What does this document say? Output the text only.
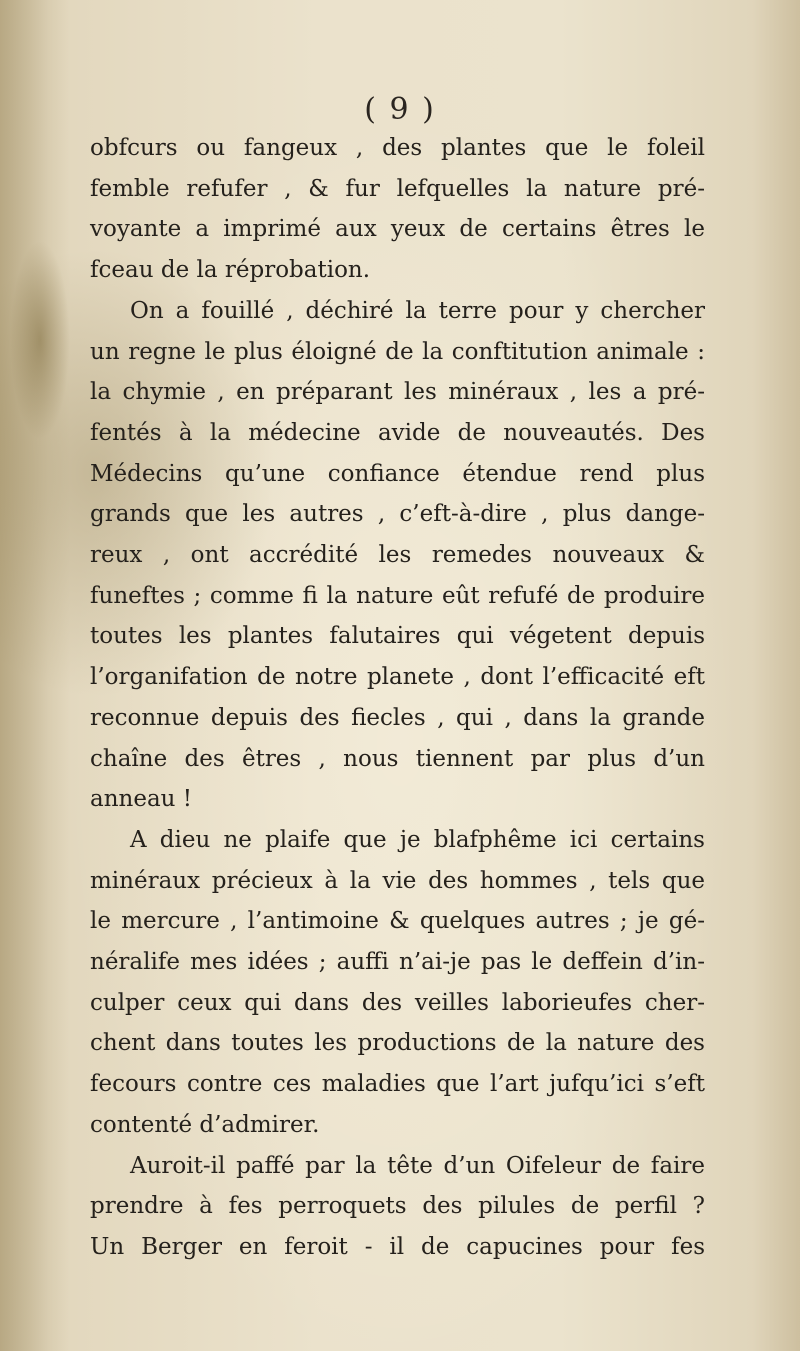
( 9 )
obfcurs ou fangeux , des plantes que le foleil
femble refufer , & fur lefquelles la nature pré-
voyante a imprimé aux yeux de certains êtres le
fceau de la réprobation.
On a fouillé , déchiré la terre pour y chercher
un regne le plus éloigné de la conftitution animale :
la chymie , en préparant les minéraux , les a pré-
fentés à la médecine avide de nouveautés. Des
Médecins qu’une confiance étendue rend plus
grands que les autres , c’eft-à-dire , plus dange-
reux , ont accrédité les remedes nouveaux &
funeftes ; comme fi la nature eût refufé de produire
toutes les plantes falutaires qui végetent depuis
l’organifation de notre planete , dont l’efficacité eft
reconnue depuis des fiecles , qui , dans la grande
chaîne des êtres , nous tiennent par plus d’un
anneau !
A dieu ne plaife que je blafphême ici certains
minéraux précieux à la vie des hommes , tels que
le mercure , l’antimoine & quelques autres ; je gé-
néralife mes idées ; auffi n’ai-je pas le deffein d’in-
culper ceux qui dans des veilles laborieufes cher-
chent dans toutes les productions de la nature des
fecours contre ces maladies que l’art jufqu’ici s’eft
contenté d’admirer.
Auroit-il paffé par la tête d’un Oifeleur de faire
prendre à fes perroquets des pilules de perfil ?
Un Berger en feroit - il de capucines pour fes
